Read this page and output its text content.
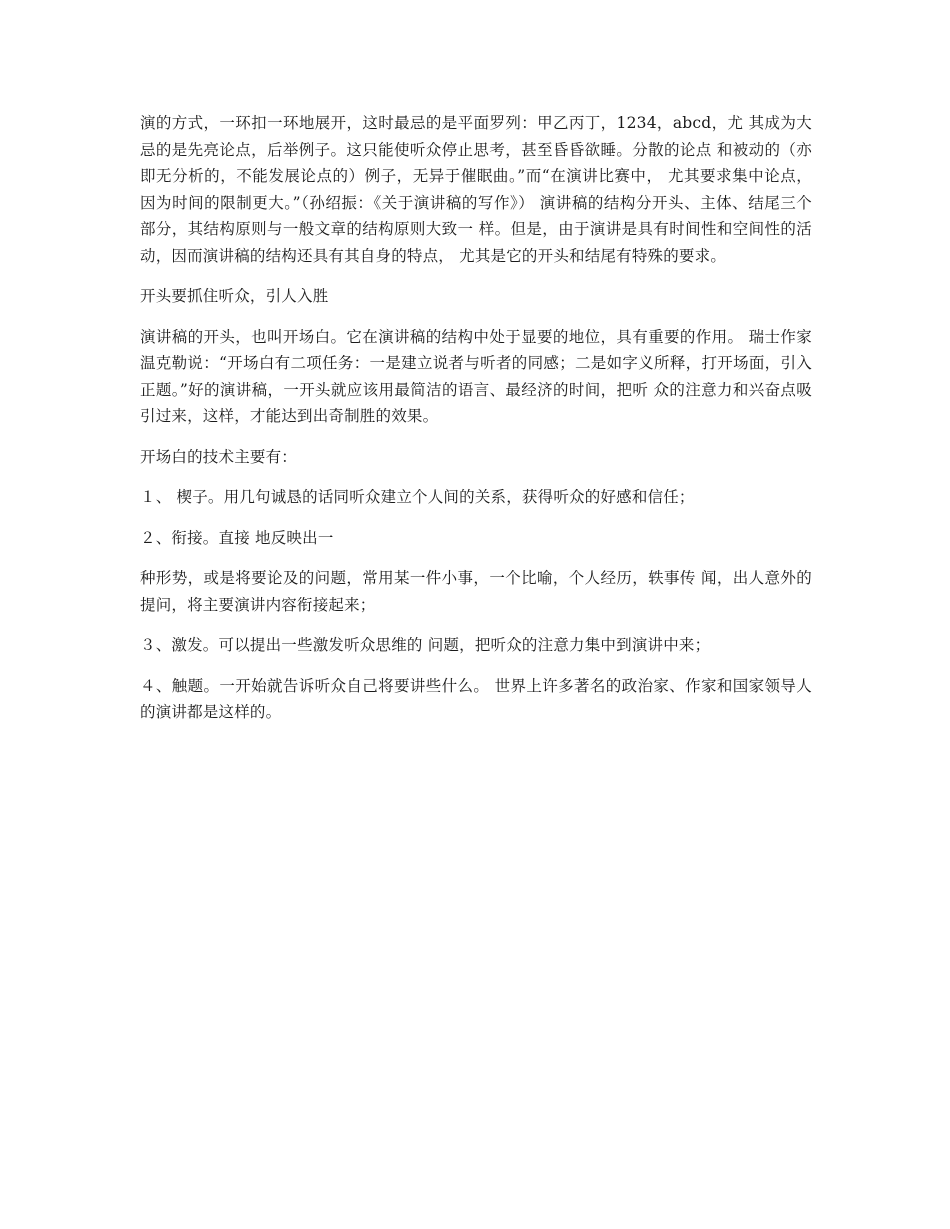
演的方式，一环扣一环地展开，这时最忌的是平面罗列：甲乙丙丁，1234，abcd，尤 其成为大忌的是先亮论点，后举例子。这只能使听众停止思考，甚至昏昏欲睡。分散的论点 和被动的（亦即无分析的，不能发展论点的）例子，无异于催眠曲。”而“在演讲比赛中， 尤其要求集中论点，因为时间的限制更大。”（孙绍振：《关于演讲稿的写作》） 演讲稿的结构分开头、主体、结尾三个部分，其结构原则与一般文章的结构原则大致一 样。但是，由于演讲是具有时间性和空间性的活动，因而演讲稿的结构还具有其自身的特点， 尤其是它的开头和结尾有特殊的要求。

开头要抓住听众，引人入胜

演讲稿的开头，也叫开场白。它在演讲稿的结构中处于显要的地位，具有重要的作用。 瑞士作家温克勒说：“开场白有二项任务：一是建立说者与听者的同感；二是如字义所释，打开场面，引入正题。”好的演讲稿，一开头就应该用最简洁的语言、最经济的时间，把听 众的注意力和兴奋点吸引过来，这样，才能达到出奇制胜的效果。

开场白的技术主要有：

１、 楔子。用几句诚恳的话同听众建立个人间的关系，获得听众的好感和信任；

２、衔接。直接 地反映出一

种形势，或是将要论及的问题，常用某一件小事，一个比喻，个人经历，轶事传 闻，出人意外的提问，将主要演讲内容衔接起来；

３、激发。可以提出一些激发听众思维的 问题，把听众的注意力集中到演讲中来；

４、触题。一开始就告诉听众自己将要讲些什么。 世界上许多著名的政治家、作家和国家领导人的演讲都是这样的。
